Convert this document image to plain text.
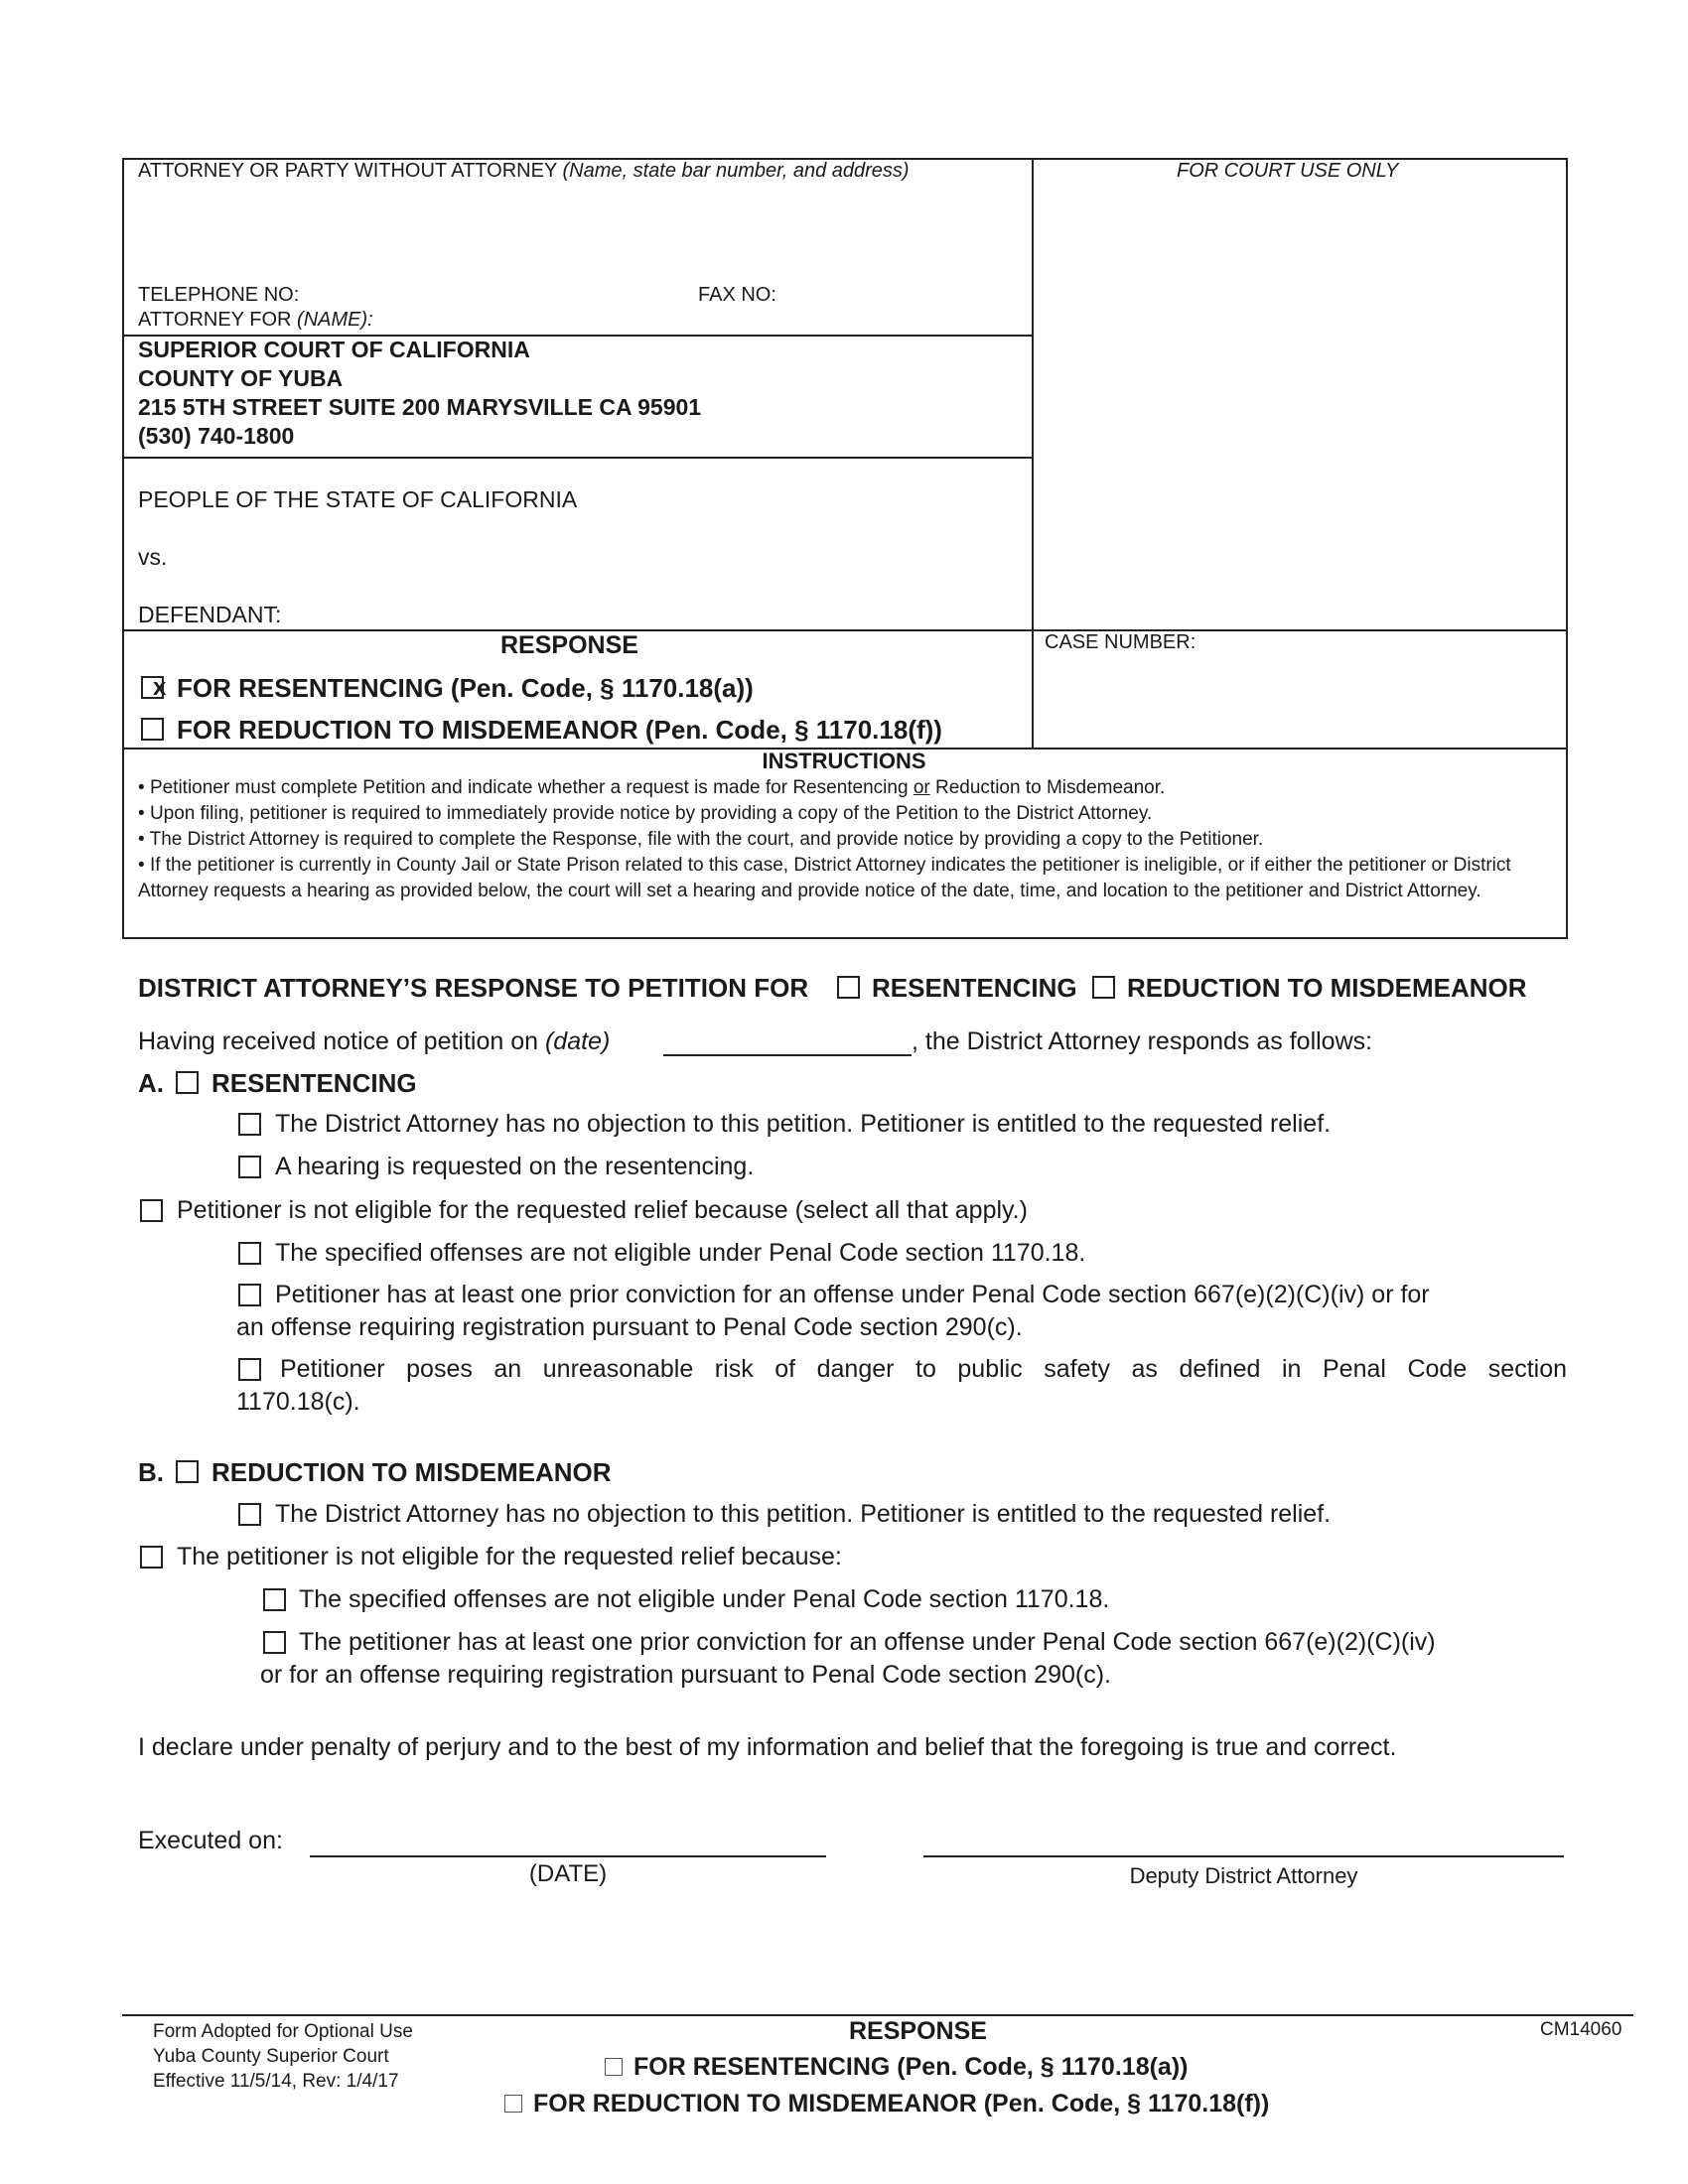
ATTORNEY OR PARTY WITHOUT ATTORNEY (Name, state bar number, and address)	FOR COURT USE ONLY
TELEPHONE NO:	FAX NO:
ATTORNEY FOR (NAME):
SUPERIOR COURT OF CALIFORNIA
COUNTY OF YUBA
215 5TH STREET SUITE 200 MARYSVILLE CA 95901
(530) 740-1800
PEOPLE OF THE STATE OF CALIFORNIA
vs.
DEFENDANT:
RESPONSE	CASE NUMBER:
x FOR RESENTENCING (Pen. Code, § 1170.18(a))
FOR REDUCTION TO MISDEMEANOR (Pen. Code, § 1170.18(f))
INSTRUCTIONS
• Petitioner must complete Petition and indicate whether a request is made for Resentencing or Reduction to Misdemeanor.
• Upon filing, petitioner is required to immediately provide notice by providing a copy of the Petition to the District Attorney.
• The District Attorney is required to complete the Response, file with the court, and provide notice by providing a copy to the Petitioner.
• If the petitioner is currently in County Jail or State Prison related to this case, District Attorney indicates the petitioner is ineligible, or if either the petitioner or District Attorney requests a hearing as provided below, the court will set a hearing and provide notice of the date, time, and location to the petitioner and District Attorney.
DISTRICT ATTORNEY’S RESPONSE TO PETITION FOR RESENTENCING REDUCTION TO MISDEMEANOR
Having received notice of petition on (date)	, the District Attorney responds as follows:
A. RESENTENCING
The District Attorney has no objection to this petition. Petitioner is entitled to the requested relief.
A hearing is requested on the resentencing.
Petitioner is not eligible for the requested relief because (select all that apply.)
The specified offenses are not eligible under Penal Code section 1170.18.
Petitioner has at least one prior conviction for an offense under Penal Code section 667(e)(2)(C)(iv) or for
an offense requiring registration pursuant to Penal Code section 290(c).
Petitioner poses an unreasonable risk of danger to public safety as defined in Penal Code section
1170.18(c).
B. REDUCTION TO MISDEMEANOR
The District Attorney has no objection to this petition. Petitioner is entitled to the requested relief.
The petitioner is not eligible for the requested relief because:
The specified offenses are not eligible under Penal Code section 1170.18.
The petitioner has at least one prior conviction for an offense under Penal Code section 667(e)(2)(C)(iv)
or for an offense requiring registration pursuant to Penal Code section 290(c).
I declare under penalty of perjury and to the best of my information and belief that the foregoing is true and correct.
Executed on:
(DATE)	Deputy District Attorney
Form Adopted for Optional Use
Yuba County Superior Court
Effective 11/5/14, Rev: 1/4/17
RESPONSE
FOR RESENTENCING (Pen. Code, § 1170.18(a))
FOR REDUCTION TO MISDEMEANOR (Pen. Code, § 1170.18(f))
CM14060
